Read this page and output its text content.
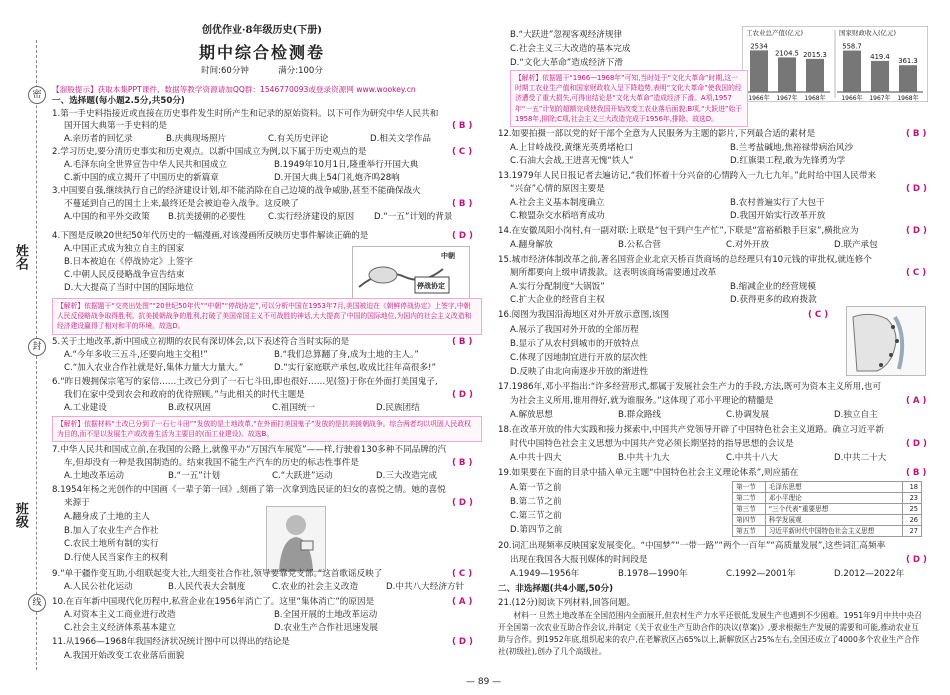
密
姓名
封
班级
线
创优作业·8年级历史(下册)
期中综合检测卷
时间:60分钟	满分:100分
【溜般提示】获取本集PPT课件、数据等教学资源请加QQ群：1546770093或登录资源网 www.wookey.cn
一、选择题(每小题2.5分,共50分)
1.第一手史料指接近或直接在历史事件发生时所产生和记录的原始资料。以下可作为研究中华人民共和
国开国大典第一手史料的是	( B )
A.亲历者的回忆录	B.庆典现场照片	C.有关历史评论	D.相关文学作品
2.学习历史,要分清历史事实和历史观点。以新中国成立为例,以下属于历史观点的是	( C )
A.毛泽东向全世界宣告中华人民共和国成立	B.1949年10月1日,隆重举行开国大典
C.新中国的成立揭开了中国历史的新篇章	D.开国大典上54门礼炮齐鸣28响
3.中国要自强,继续执行自己的经济建设计划,却不能消除在自己边境的战争威胁,甚至不能确保战火
不蔓延到自己的国土上来,最终还是会被迫卷入战争。这反映了	( B )
A.中国的和平外交政策 B.抗美援朝的必要性	C.实行经济建设的原因 D.“一五”计划的背景
4.下图是反映20世纪50年代历史的一幅漫画,对该漫画所反映历史事件解读正确的是	( D )
A.中国正式成为独立自主的国家
B.日本被迫在《停战协定》上签字
C.中朝人民反侵略战争宣告结束
D.大大提高了当时中国的国际地位
中朝
停战协定
【解析】依据题干“交亮出处图”“20世纪50年代”“中朝”“停战协定”,可以分析中国在1953年7月,美国被迫在《朝鲜停战协定》上签字,中朝人民反侵略战争取得胜利。抗美援朝战争的胜利,打破了美国帝国主义不可战胜的神话,大大提高了中国的国际地位,为国内的社会主义改造和经济建设赢得了相对和平的环境。故选D。
5.关于土地改革,新中国成立初期的农民有深切体会,以下表述符合当时实际的是	( B )
A.“今年多收三五斗,还要向地主交租!”	B.“我们总算翻了身,成为土地的主人。”
C.“加入农业合作社就是好,集体力量大力量大。”	D.“实行家庭联产承包,收成比往年高很多!”
6.“昨日嫂拥保宗笔写的家信……土改已分到了一石七斗田,即也很好……见(签)于你在外面打美国鬼子,
我们在家中受到农会和政府的优待照顾。”与此相关的时代主题是	( D )
A.工业建设	B.政权巩固	C.祖国统一	D.民族团结
【解析】依据材料“土改已分到了一石七斗田”“发放的是土地改革,“在外面打美国鬼子”发放的是抗美援朝战争。综合两者均以巩固人民政权为目的,而不是以发展生产或改善生活为主要目的(而工业建设)。故选B。
7.中华人民共和国成立前,在我国的公路上,就像平办“万国汽车展览”——样,行驶着130多种不同品牌的汽
车,但却没有一种是我国制造的。结束我国不能生产汽车的历史的标志性事件是	( B )
A.土地改革运动	B.“一五”计划	C.“大跃进”运动	D.三大改造完成
8.1954年杨之光创作的中国画《一辈子第一回》,刻画了第一次拿到选民证的妇女的喜悦之情。她的喜悦
来源于	( D )
A.翻身成了土地的主人
B.加入了农业生产合作社
C.农民土地所有制的实行
D.行使人民当家作主的权利
9.“单干疆作变互助,小组联起变大社,大组变社合作社,领导要靠党支部。”这首歌谣反映了	( C )
A.人民公社化运动	B.人民代表大会制度	C.农业的社会主义改造	D.中共八大经济方针
10.在百年新中国现代化历程中,私营企业在1956年消亡了。这里“集体消亡”的原因是	( A )
A.对资本主义工商业进行改造	B.全国开展的土地改革运动
C.社会主义经济体系基本建立	D.农业生产合作社迅速发展
11.从1966—1968年我国经济状况统计图中可以得出的结论是	( D )
A.我国开始改变工农业落后面貌
B.“大跃进”忽视客观经济规律
C.社会主义三大改造的基本完成
D.“文化大革命”造成经济下滑
工农业总产值(亿元)
2534
1966年
2104.5
1967年
2015.3
1968年
国家财政收入(亿元)
558.7
1966年
419.4
1967年
361.3
1968年
【解析】依据题干“1966—1968年”可知,当时处于“文化大革命”时期,这一时期工农业生产值和国家财政收入呈下降趋势,表明“文化大革命”使我国的经济遭受了重大损失,可得出结论是“文化大革命”造成经济下滑。A项,1957年“一五”计划的超额完成使我国开始改变工农业落后面貌;B项,“大跃进”始于1958年,排除;C项,社会主义三大改造完成于1956年,排除。故选D。
12.如要拍摄一部以党的好干部个全意为人民服务为主题的影片,下列最合适的素材是	( B )
A.上甘岭战役,黄继光英勇堵枪口	B.兰考盐碱地,焦裕禄带病治风沙
C.石油大会战,王进喜无愧“铁人”	D.红旗渠工程,敢为先锋勇为学
13.1979年人民日报记者去遍访记,“我们怀着十分兴奋的心情跨入一九七九年。”此时给中国人民带来
“兴奋”心情的原因主要是	( D )
A.社会主义基本制度确立	B.农村普遍实行了大包干
C.粮盟杂交水稻培育成功	D.我国开始实行改革开放
14.在安徽凤阳小岗村,有一副对联:上联是“包干到户生产忙”,下联是“富裕稻粮手巨家”,横批应为	( D )
A.翻身解放	B.公私合营	C.对外开放	D.联产承包
15.城市经济体制改革之前,著名国营企业北京天桥百货商场的总经理只有10元钱的审批权,就连修个
厕所都要向上级申请拨款。这表明该商场需要通过改革	( C )
A.实行分配制度“大锅饭”	B.缩减企业的经营规模
C.扩大企业的经营自主权	D.获得更多的政府拨款
16.阅图为我国沿海地区对外开放示意图,该图	( C )
A.展示了我国对外开放的全部历程
B.显示了从农村到城市的开放特点
C.体现了因地制宜进行开放的层次性
D.反映了由北向南逐步开放的渐进性
17.1986年,邓小平指出:“许多经营形式,都属于发展社会生产力的手段,方法,既可为资本主义所用,也可
为社会主义所用,谁用得好,就为谁服务。”这体现了邓小平理论的精髓是	( A )
A.解放思想	B.群众路线	C.协调发展	D.独立自主
18.在改革开放的伟大实践和接力探索中,中国共产党领导开辟了中国特色社会主义道路。确立习近平新
时代中国特色社会主义思想为中国共产党必须长期坚持的指导思想的会议是	( D )
A.中共十四大	B.中共十九大	C.中共十八大	D.中共二十大
19.如果要在下面的目录中插入单元主题“中国特色社会主义理论体系”,则应插在	( B )
A.第一节之前
B.第二节之前
C.第三节之前
D.第四节之前
第一节	毛泽东思想	18
第二节	邓小平理论	23
第三节	“三个代表”重要思想	25
第四节	科学发展观	26
第五节	习近平新时代中国特色社会主义思想	27
20.词汇出现频率反映国家发展变化。“中国梦”“一带一路”“两个一百年”“高质量发展”,这些词汇高频率
出现在我国各大报刊媒体的时间段是	( D )
A.1949—1956年	B.1978—1990年	C.1992—2001年	D.2012—2022年
二、非选择题(共4小题,50分)
21.(12分)阅读下列材料,回答问题。
材料一 旦然土地改革在全国范围内全面展开,但农村生产力水平还很低,发展生产也遇到不少困难。1951年9月中共中央召开全国第一次农业互助合作会议,并制定《关于农业生产互助合作的决议(草案)》,要求根据生产发展的需要和可能,推动农业互助与合作。到1952年底,组织起来的农户,在老解放区占65%以上,新解放区占25%左右,全国还成立了4000多个农业生产合作社(初级社),创办了几个高级社。
— 89 —
